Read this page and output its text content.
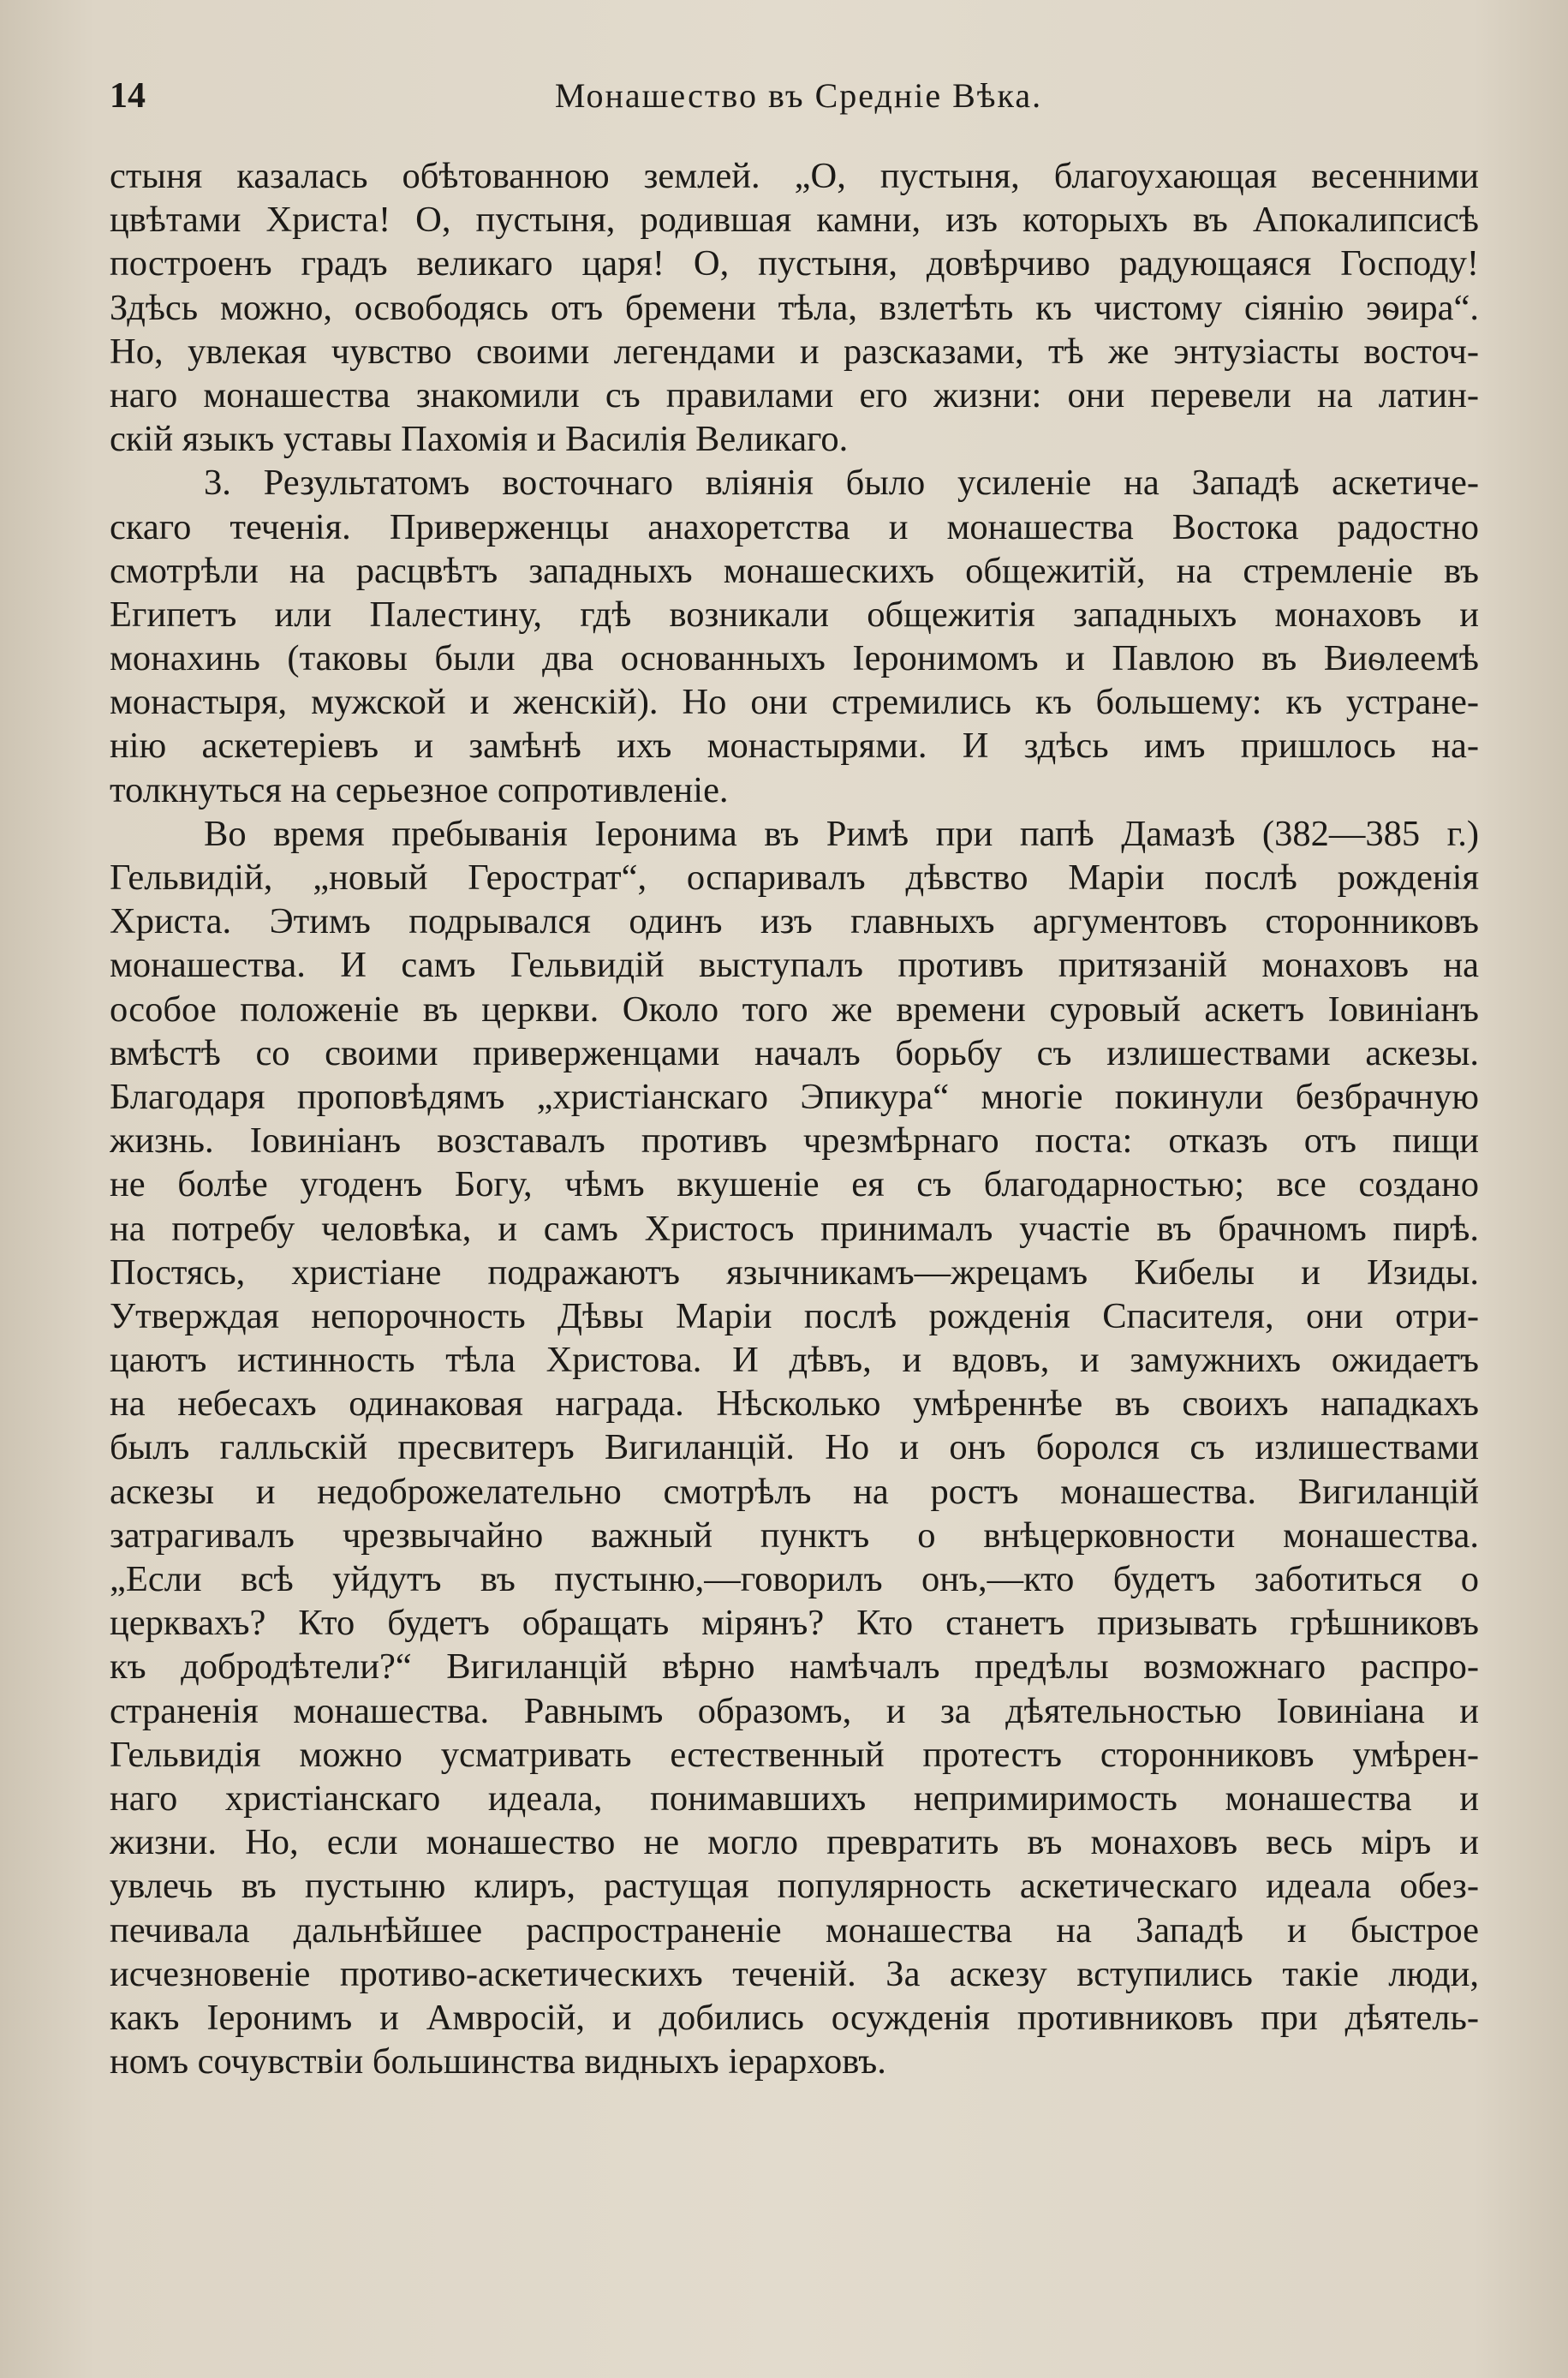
14	Монашество въ Средніе Вѣка.
стыня казалась обѣтованною землей. „О, пустыня, благоухающая весенними
цвѣтами Христа! О, пустыня, родившая камни, изъ которыхъ въ Апокалипсисѣ
построенъ градъ великаго царя! О, пустыня, довѣрчиво радующаяся Господу!
Здѣсь можно, освободясь отъ бремени тѣла, взлетѣть къ чистому сіянію эѳира“.
Но, увлекая чувство своими легендами и разсказами, тѣ же энтузіасты восточ-
наго монашества знакомили съ правилами его жизни: они перевели на латин-
скій языкъ уставы Пахомія и Василія Великаго.
3. Результатомъ восточнаго вліянія было усиленіе на Западѣ аскетиче-
скаго теченія. Приверженцы анахоретства и монашества Востока радостно
смотрѣли на расцвѣтъ западныхъ монашескихъ общежитій, на стремленіе въ
Египетъ или Палестину, гдѣ возникали общежитія западныхъ монаховъ и
монахинь (таковы были два основанныхъ Іеронимомъ и Павлою въ Виѳлеемѣ
монастыря, мужской и женскій). Но они стремились къ большему: къ устране-
нію аскетеріевъ и замѣнѣ ихъ монастырями. И здѣсь имъ пришлось на-
толкнуться на серьезное сопротивленіе.
Во время пребыванія Іеронима въ Римѣ при папѣ Дамазѣ (382—385 г.)
Гельвидій, „новый Герострат“, оспаривалъ дѣвство Маріи послѣ рожденія
Христа. Этимъ подрывался одинъ изъ главныхъ аргументовъ сторонниковъ
монашества. И самъ Гельвидій выступалъ противъ притязаній монаховъ на
особое положеніе въ церкви. Около того же времени суровый аскетъ Іовиніанъ
вмѣстѣ со своими приверженцами началъ борьбу съ излишествами аскезы.
Благодаря проповѣдямъ „христіанскаго Эпикура“ многіе покинули безбрачную
жизнь. Іовиніанъ возставалъ противъ чрезмѣрнаго поста: отказъ отъ пищи
не болѣе угоденъ Богу, чѣмъ вкушеніе ея съ благодарностью; все создано
на потребу человѣка, и самъ Христосъ принималъ участіе въ брачномъ пирѣ.
Постясь, христіане подражаютъ язычникамъ—жрецамъ Кибелы и Изиды.
Утверждая непорочность Дѣвы Маріи послѣ рожденія Спасителя, они отри-
цаютъ истинность тѣла Христова. И дѣвъ, и вдовъ, и замужнихъ ожидаетъ
на небесахъ одинаковая награда. Нѣсколько умѣреннѣе въ своихъ нападкахъ
былъ галльскій пресвитеръ Вигиланцій. Но и онъ боролся съ излишествами
аскезы и недоброжелательно смотрѣлъ на ростъ монашества. Вигиланцій
затрагивалъ чрезвычайно важный пунктъ о внѣцерковности монашества.
„Если всѣ уйдутъ въ пустыню,—говорилъ онъ,—кто будетъ заботиться о
церквахъ? Кто будетъ обращать мірянъ? Кто станетъ призывать грѣшниковъ
къ добродѣтели?“ Вигиланцій вѣрно намѣчалъ предѣлы возможнаго распро-
страненія монашества. Равнымъ образомъ, и за дѣятельностью Іовиніана и
Гельвидія можно усматривать естественный протестъ сторонниковъ умѣрен-
наго христіанскаго идеала, понимавшихъ непримиримость монашества и
жизни. Но, если монашество не могло превратить въ монаховъ весь міръ и
увлечь въ пустыню клиръ, растущая популярность аскетическаго идеала обез-
печивала дальнѣйшее распространеніе монашества на Западѣ и быстрое
исчезновеніе противо-аскетическихъ теченій. За аскезу вступились такіе люди,
какъ Іеронимъ и Амвросій, и добились осужденія противниковъ при дѣятель-
номъ сочувствіи большинства видныхъ іерарховъ.
